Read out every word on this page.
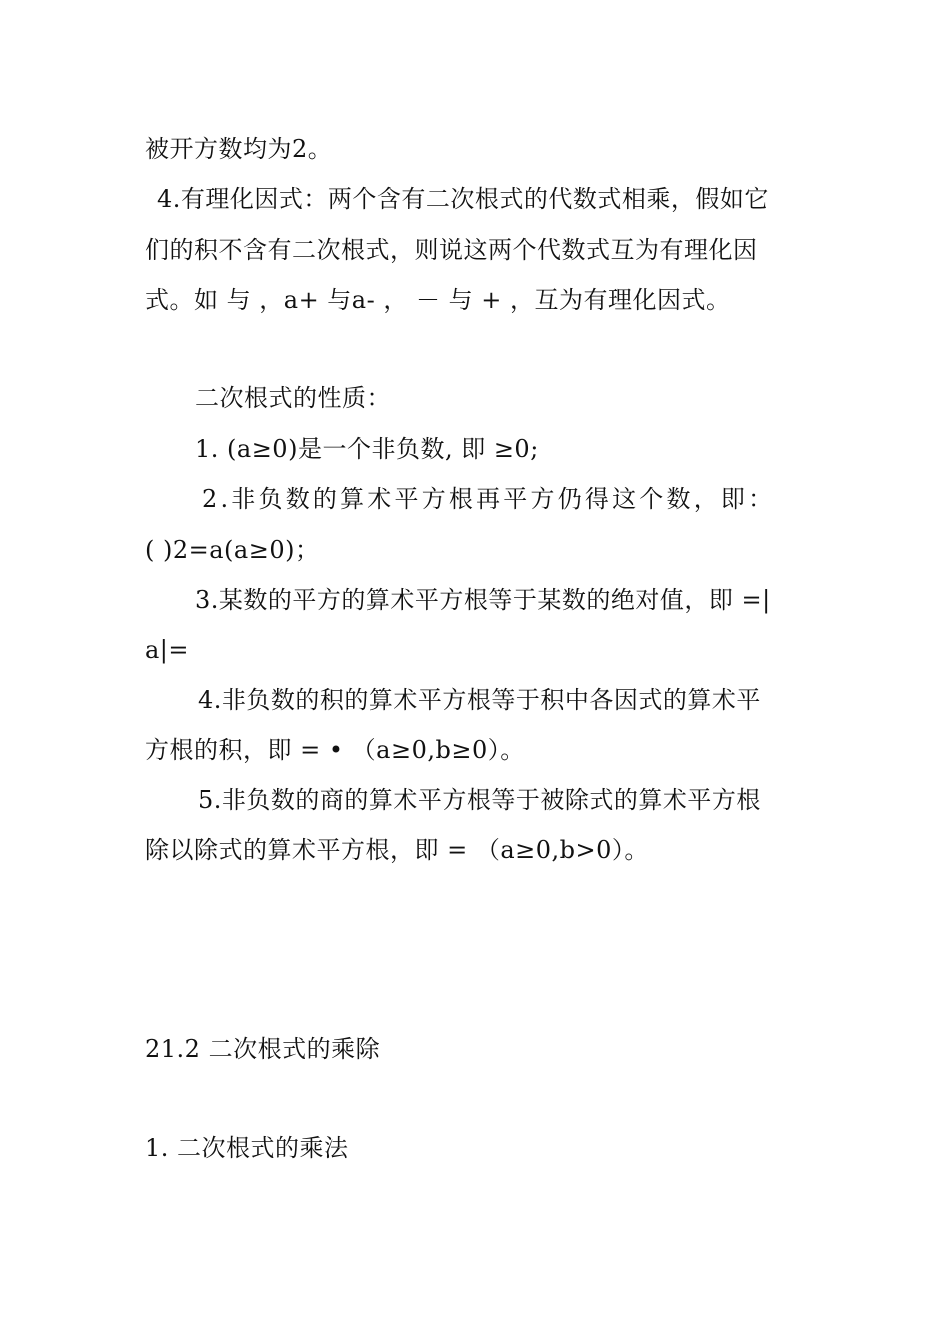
被开方数均为2。
4.有理化因式：两个含有二次根式的代数式相乘，假如它
们的积不含有二次根式，则说这两个代数式互为有理化因
式。如 与 ，a+ 与a- ， － 与 + ，互为有理化因式。
二次根式的性质：
1. (a≥0)是一个非负数, 即 ≥0;
2.非负数的算术平方根再平方仍得这个数，即：
( )2=a(a≥0)；
3.某数的平方的算术平方根等于某数的绝对值，即 =|
a|=
4.非负数的积的算术平方根等于积中各因式的算术平
方根的积，即 = • （a≥0,b≥0）。
5.非负数的商的算术平方根等于被除式的算术平方根
除以除式的算术平方根，即 = （a≥0,b>0）。
21.2 二次根式的乘除
1. 二次根式的乘法
